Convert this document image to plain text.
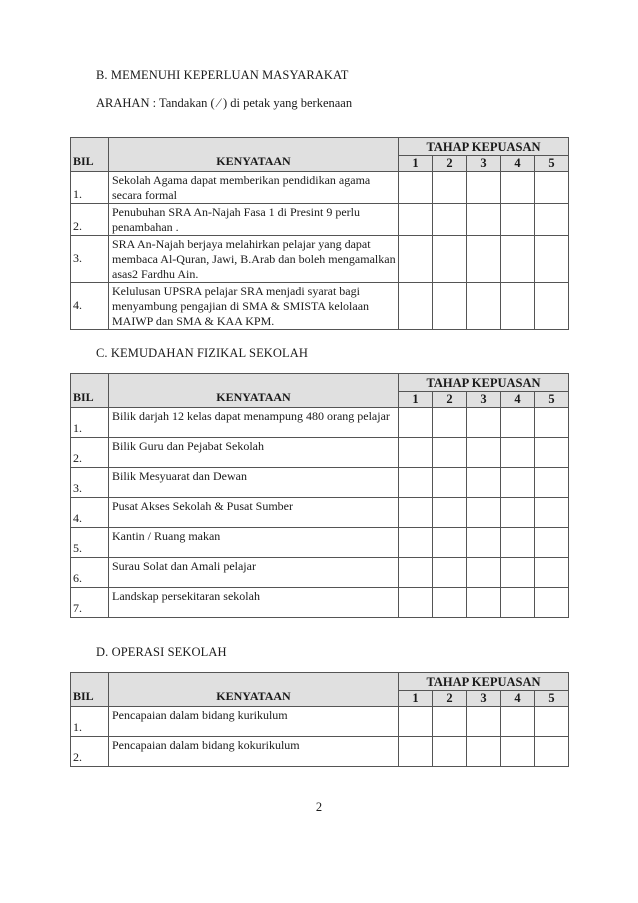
B. MEMENUHI KEPERLUAN MASYARAKAT
ARAHAN : Tandakan ( ⁄ ) di petak yang berkenaan
BIL	KENYATAAN	TAHAP KEPUASAN				
		1	2	3	4	5
1.	Sekolah Agama dapat memberikan pendidikan agama secara formal					
2.	Penubuhan SRA An-Najah Fasa 1 di Presint 9 perlu penambahan .					
3.	SRA An-Najah berjaya melahirkan pelajar yang dapat membaca Al-Quran, Jawi, B.Arab dan boleh mengamalkan asas2 Fardhu Ain.					
4.	Kelulusan UPSRA pelajar SRA menjadi syarat bagi menyambung pengajian di SMA & SMISTA kelolaan MAIWP dan SMA & KAA KPM.					
C. KEMUDAHAN FIZIKAL SEKOLAH
BIL	KENYATAAN	TAHAP KEPUASAN				
		1	2	3	4	5
1.	Bilik darjah 12 kelas dapat menampung 480 orang pelajar					
2.	Bilik Guru dan Pejabat Sekolah					
3.	Bilik Mesyuarat dan Dewan					
4.	Pusat Akses Sekolah & Pusat Sumber					
5.	Kantin / Ruang makan					
6.	Surau Solat dan Amali pelajar					
7.	Landskap persekitaran sekolah					
D. OPERASI SEKOLAH
BIL	KENYATAAN	TAHAP KEPUASAN				
		1	2	3	4	5
1.	Pencapaian dalam bidang kurikulum					
2.	Pencapaian dalam bidang kokurikulum					
2
